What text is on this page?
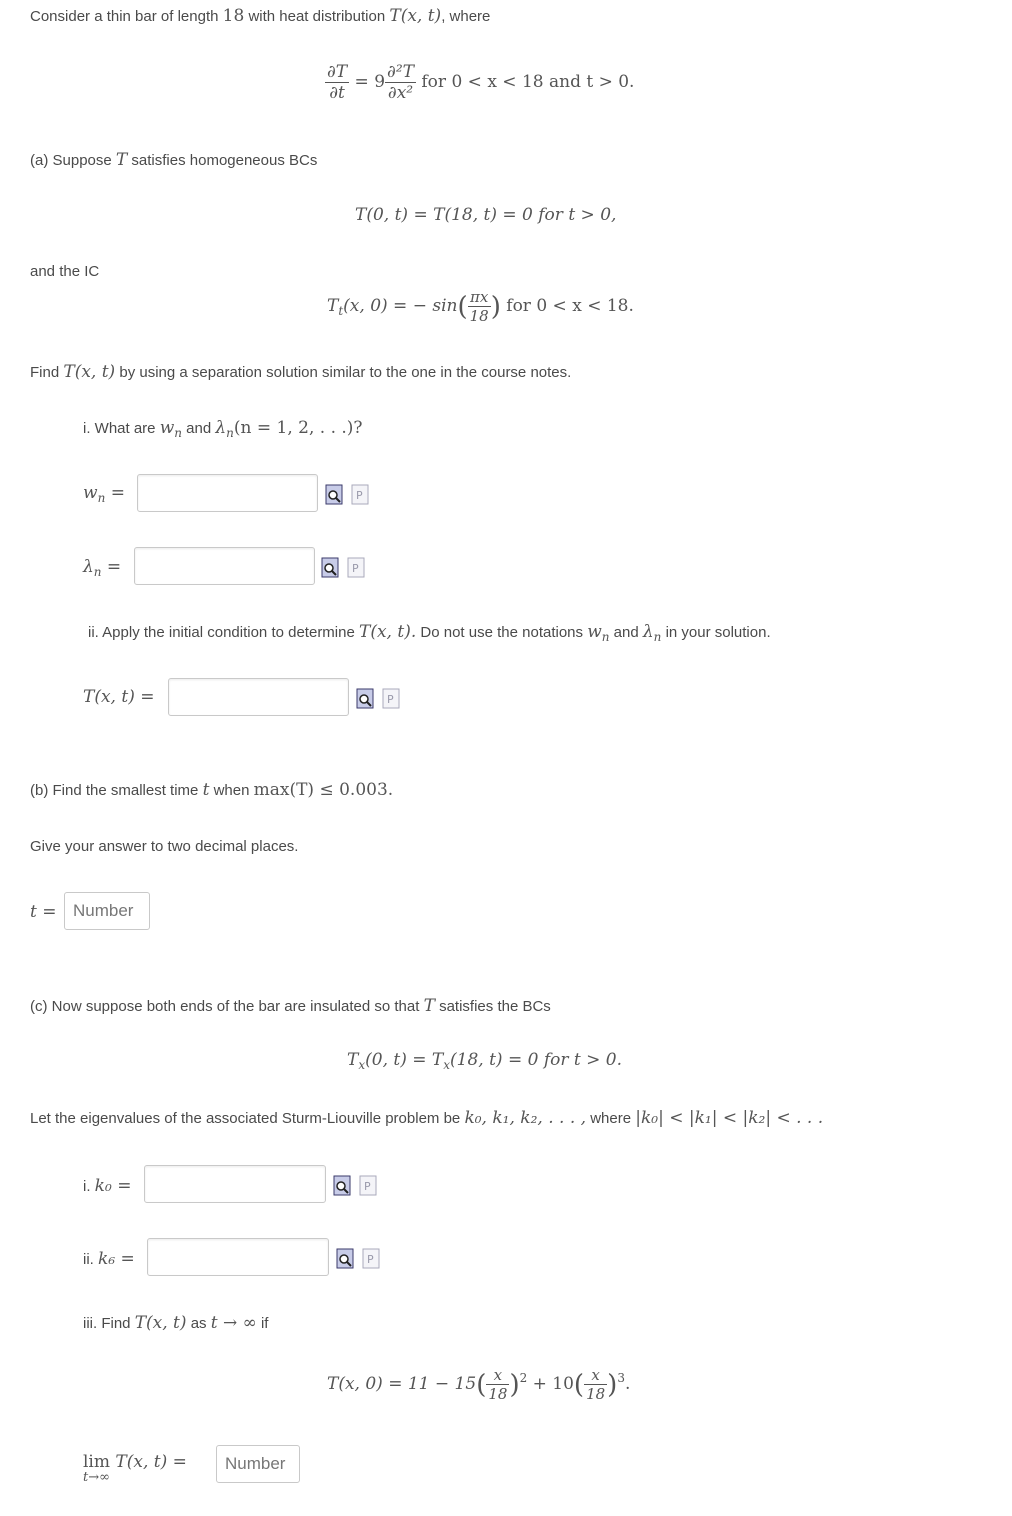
Consider a thin bar of length 18 with heat distribution T(x, t), where
$\frac{\partial T}{\partial t} = 9 \frac{\text{∂²T}}{\text{∂x²}}$ for 0 < x < 18 and t > 0.
(a) Suppose T satisfies homogeneous BCs
T(0, t) = T(18, t) = 0 for t > 0,
and the IC
$T_t(x$, 0) = − $\sin( \frac{\pi x}{18}$ ) for 0 < x < 18.
Find T(x, t) by using a separation solution similar to the one in the course notes.
i. What are $w_n$ and $\lambda_n(n = 1$, 2, . . .)?
$w_n$ =	P
$\lambda_n$ =	P
ii. Apply the initial condition to determine T(x, t). Do not use the notations $w_n$ and $\lambda_n$ in your solution.
T(x, t) =	P
(b) Find the smallest time t when max(T) ≤ 0.003.
Give your answer to two decimal places.
t = Number
(c) Now suppose both ends of the bar are insulated so that T satisfies the BCs
$T_x(0$, $t) = T_x(18$, t) = 0 for t > 0.
Let the eigenvalues of the associated Sturm-Liouville problem be k₀, k₁, k₂, . . . , where |k₀| < |k₁| < |k₂| < . . .
i. k₀ =	P
ii. k₆ =	P
iii. Find T(x, t) as t → ∞ if
T(x, $0) = 11 - 15( \frac{x}{18} )^2 + 10( \frac{x}{18} )^3$.
lim
t→∞
T(x, t) =	Number
